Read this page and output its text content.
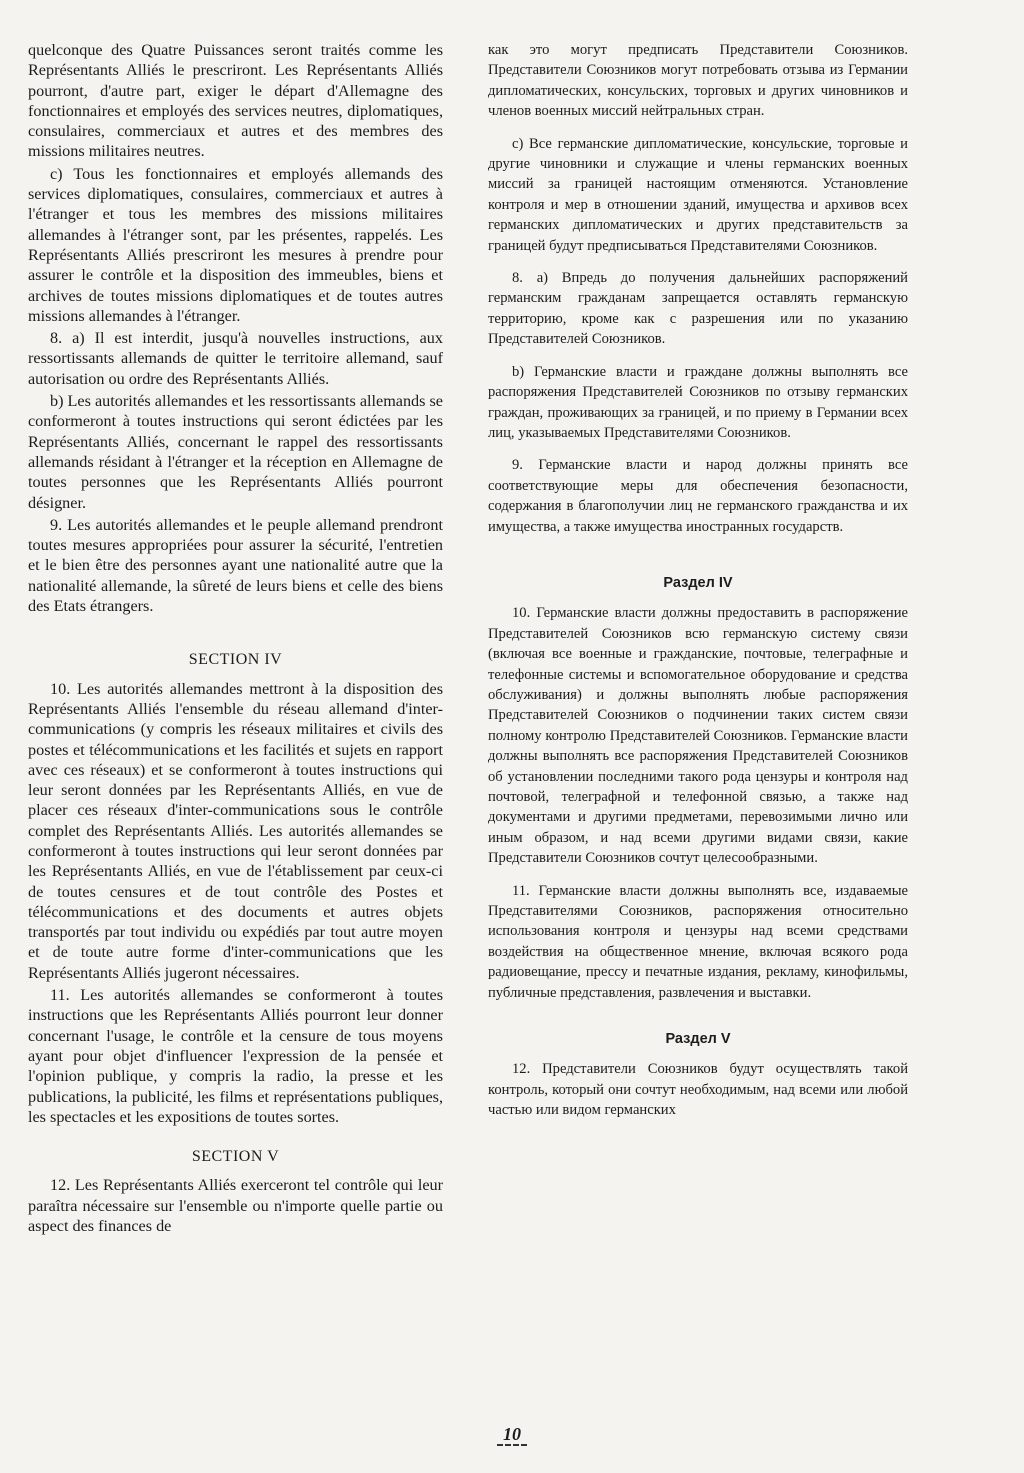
quelconque des Quatre Puissances seront traités comme les Représentants Alliés le prescriront. Les Représentants Alliés pourront, d'autre part, exiger le départ d'Allemagne des fonctionnaires et employés des services neutres, diplomatiques, consulaires, commerciaux et autres et des membres des missions militaires neutres.

c) Tous les fonctionnaires et employés allemands des services diplomatiques, consulaires, commerciaux et autres à l'étranger et tous les membres des missions militaires allemandes à l'étranger sont, par les présentes, rappelés. Les Représentants Alliés prescriront les mesures à prendre pour assurer le contrôle et la disposition des immeubles, biens et archives de toutes missions diplomatiques et de toutes autres missions allemandes à l'étranger.

8. a) Il est interdit, jusqu'à nouvelles instructions, aux ressortissants allemands de quitter le territoire allemand, sauf autorisation ou ordre des Représentants Alliés.

b) Les autorités allemandes et les ressortissants allemands se conformeront à toutes instructions qui seront édictées par les Représentants Alliés, concernant le rappel des ressortissants allemands résidant à l'étranger et la réception en Allemagne de toutes personnes que les Représentants Alliés pourront désigner.

9. Les autorités allemandes et le peuple allemand prendront toutes mesures appropriées pour assurer la sécurité, l'entretien et le bien être des personnes ayant une nationalité autre que la nationalité allemande, la sûreté de leurs biens et celle des biens des Etats étrangers.

SECTION IV

10. Les autorités allemandes mettront à la disposition des Représentants Alliés l'ensemble du réseau allemand d'inter-communications (y compris les réseaux militaires et civils des postes et télécommunications et les facilités et sujets en rapport avec ces réseaux) et se conformeront à toutes instructions qui leur seront données par les Représentants Alliés, en vue de placer ces réseaux d'inter-communications sous le contrôle complet des Représentants Alliés. Les autorités allemandes se conformeront à toutes instructions qui leur seront données par les Représentants Alliés, en vue de l'établissement par ceux-ci de toutes censures et de tout contrôle des Postes et télécommunications et des documents et autres objets transportés par tout individu ou expédiés par tout autre moyen et de toute autre forme d'inter-communications que les Représentants Alliés jugeront nécessaires.

11. Les autorités allemandes se conformeront à toutes instructions que les Représentants Alliés pourront leur donner concernant l'usage, le contrôle et la censure de tous moyens ayant pour objet d'influencer l'expression de la pensée et l'opinion publique, y compris la radio, la presse et les publications, la publicité, les films et représentations publiques, les spectacles et les expositions de toutes sortes.

SECTION V

12. Les Représentants Alliés exerceront tel contrôle qui leur paraîtra nécessaire sur l'ensemble ou n'importe quelle partie ou aspect des finances de

как это могут предписать Представители Союзников. Представители Союзников могут потребовать отзыва из Германии дипломатических, консульских, торговых и других чиновников и членов военных миссий нейтральных стран.

c) Все германские дипломатические, консульские, торговые и другие чиновники и служащие и члены германских военных миссий за границей настоящим отменяются. Установление контроля и мер в отношении зданий, имущества и архивов всех германских дипломатических и других представительств за границей будут предписываться Представителями Союзников.

8. a) Впредь до получения дальнейших распоряжений германским гражданам запрещается оставлять германскую территорию, кроме как с разрешения или по указанию Представителей Союзников.

b) Германские власти и граждане должны выполнять все распоряжения Представителей Союзников по отзыву германских граждан, проживающих за границей, и по приему в Германии всех лиц, указываемых Представителями Союзников.

9. Германские власти и народ должны принять все соответствующие меры для обеспечения безопасности, содержания в благополучии лиц не германского гражданства и их имущества, а также имущества иностранных государств.

Раздел IV

10. Германские власти должны предоставить в распоряжение Представителей Союзников всю германскую систему связи (включая все военные и гражданские, почтовые, телеграфные и телефонные системы и вспомогательное оборудование и средства обслуживания) и должны выполнять любые распоряжения Представителей Союзников о подчинении таких систем связи полному контролю Представителей Союзников. Германские власти должны выполнять все распоряжения Представителей Союзников об установлении последними такого рода цензуры и контроля над почтовой, телеграфной и телефонной связью, а также над документами и другими предметами, перевозимыми лично или иным образом, и над всеми другими видами связи, какие Представители Союзников сочтут целесообразными.

11. Германские власти должны выполнять все, издаваемые Представителями Союзников, распоряжения относительно использования контроля и цензуры над всеми средствами воздействия на общественное мнение, включая всякого рода радиовещание, прессу и печатные издания, рекламу, кинофильмы, публичные представления, развлечения и выставки.

Раздел V

12. Представители Союзников будут осуществлять такой контроль, который они сочтут необходимым, над всеми или любой частью или видом германских

10
